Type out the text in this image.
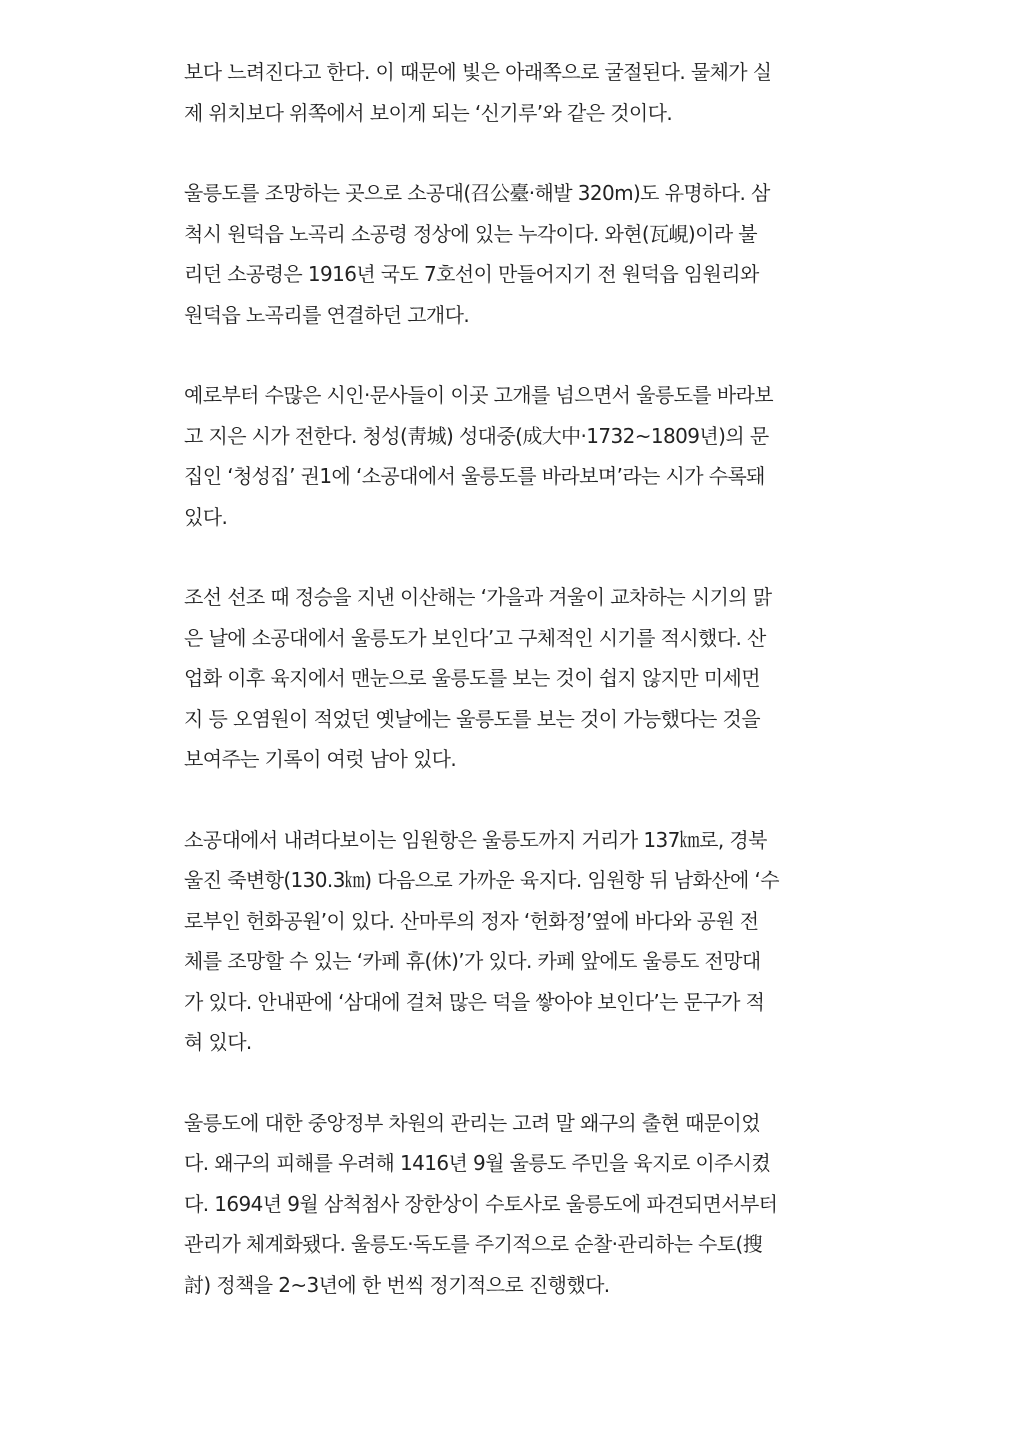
보다 느려진다고 한다. 이 때문에 빛은 아래쪽으로 굴절된다. 물체가 실
제 위치보다 위쪽에서 보이게 되는 ‘신기루’와 같은 것이다.

울릉도를 조망하는 곳으로 소공대(召公臺·해발 320m)도 유명하다. 삼
척시 원덕읍 노곡리 소공령 정상에 있는 누각이다. 와현(瓦峴)이라 불
리던 소공령은 1916년 국도 7호선이 만들어지기 전 원덕읍 임원리와
원덕읍 노곡리를 연결하던 고개다.

예로부터 수많은 시인·문사들이 이곳 고개를 넘으면서 울릉도를 바라보
고 지은 시가 전한다. 청성(靑城) 성대중(成大中·1732~1809년)의 문
집인 ‘청성집’ 권1에 ‘소공대에서 울릉도를 바라보며’라는 시가 수록돼
있다.

조선 선조 때 정승을 지낸 이산해는 ‘가을과 겨울이 교차하는 시기의 맑
은 날에 소공대에서 울릉도가 보인다’고 구체적인 시기를 적시했다. 산
업화 이후 육지에서 맨눈으로 울릉도를 보는 것이 쉽지 않지만 미세먼
지 등 오염원이 적었던 옛날에는 울릉도를 보는 것이 가능했다는 것을
보여주는 기록이 여럿 남아 있다.

소공대에서 내려다보이는 임원항은 울릉도까지 거리가 137㎞로, 경북
울진 죽변항(130.3㎞) 다음으로 가까운 육지다. 임원항 뒤 남화산에 ‘수
로부인 헌화공원’이 있다. 산마루의 정자 ‘헌화정’옆에 바다와 공원 전
체를 조망할 수 있는 ‘카페 휴(休)’가 있다. 카페 앞에도 울릉도 전망대
가 있다. 안내판에 ‘삼대에 걸쳐 많은 덕을 쌓아야 보인다’는 문구가 적
혀 있다.

울릉도에 대한 중앙정부 차원의 관리는 고려 말 왜구의 출현 때문이었
다. 왜구의 피해를 우려해 1416년 9월 울릉도 주민을 육지로 이주시켰
다. 1694년 9월 삼척첨사 장한상이 수토사로 울릉도에 파견되면서부터
관리가 체계화됐다. 울릉도·독도를 주기적으로 순찰·관리하는 수토(搜
討) 정책을 2~3년에 한 번씩 정기적으로 진행했다.
